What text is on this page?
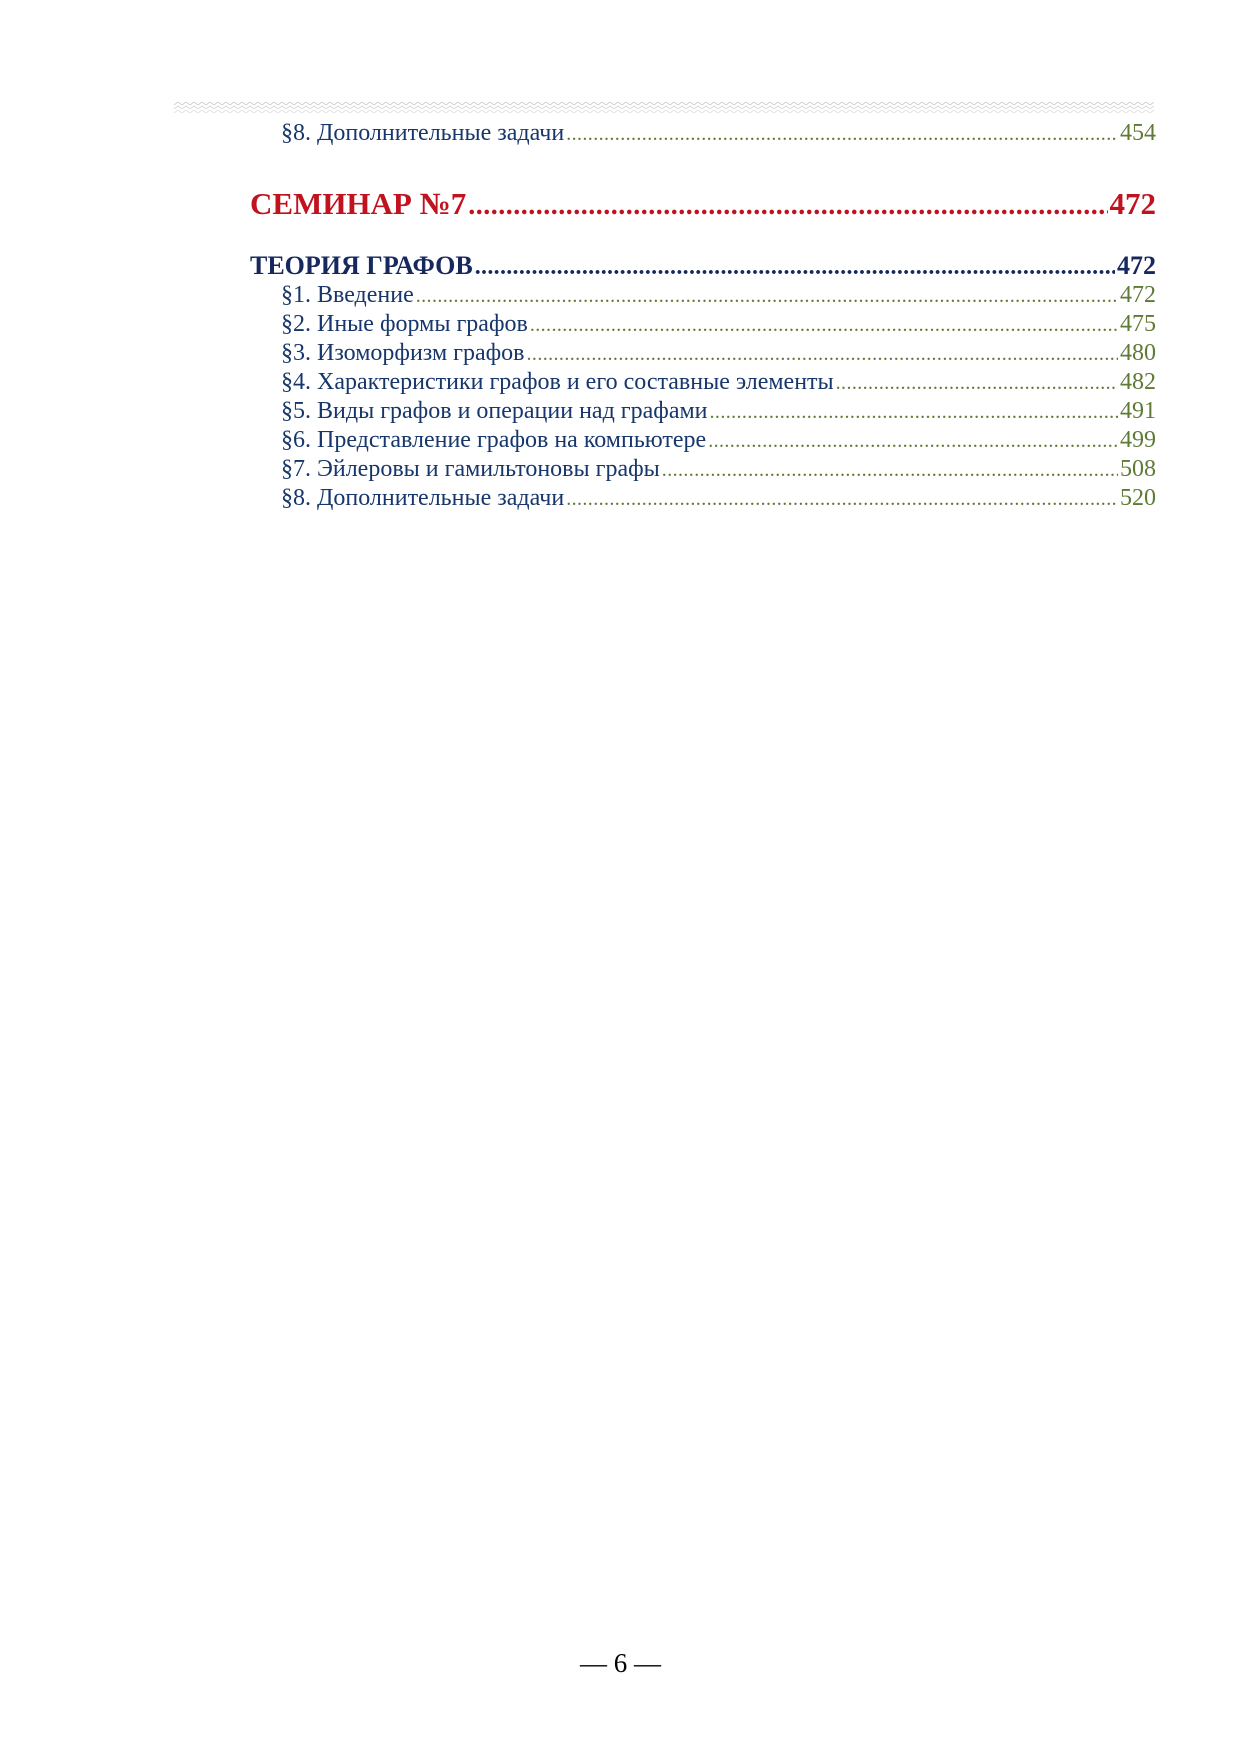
§8. Дополнительные задачи .....	454
СЕМИНАР №7 .....	472
ТЕОРИЯ ГРАФОВ .....	472
§1. Введение .....	472
§2. Иные формы графов .....	475
§3. Изоморфизм графов .....	480
§4. Характеристики графов и его составные элементы .....	482
§5. Виды графов и операции над графами .....	491
§6. Представление графов на компьютере .....	499
§7. Эйлеровы и гамильтоновы графы .....	508
§8. Дополнительные задачи .....	520
— 6 —
